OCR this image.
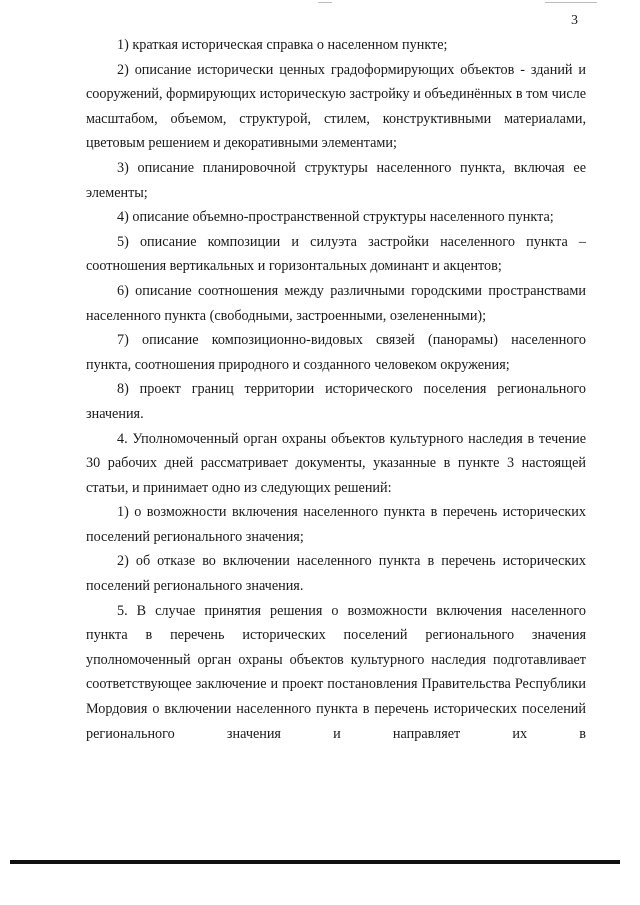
3

1) краткая историческая справка о населенном пункте;

2) описание исторически ценных градоформирующих объектов - зданий и сооружений, формирующих историческую застройку и объединённых в том числе масштабом, объемом, структурой, стилем, конструктивными материалами, цветовым решением и декоративными элементами;

3) описание планировочной структуры населенного пункта, включая ее элементы;

4) описание объемно-пространственной структуры населенного пункта;

5) описание композиции и силуэта застройки населенного пункта – соотношения вертикальных и горизонтальных доминант и акцентов;

6) описание соотношения между различными городскими пространствами населенного пункта (свободными, застроенными, озелененными);

7) описание композиционно-видовых связей (панорамы) населенного пункта, соотношения природного и созданного человеком окружения;

8) проект границ территории исторического поселения регионального значения.

4. Уполномоченный орган охраны объектов культурного наследия в течение 30 рабочих дней рассматривает документы, указанные в пункте 3 настоящей статьи, и принимает одно из следующих решений:

1) о возможности включения населенного пункта в перечень исторических поселений регионального значения;

2) об отказе во включении населенного пункта в перечень исторических поселений регионального значения.

5. В случае принятия решения о возможности включения населенного пункта в перечень исторических поселений регионального значения уполномоченный орган охраны объектов культурного наследия подготавливает соответствующее заключение и проект постановления Правительства Республики Мордовия о включении населенного пункта в перечень исторических поселений регионального значения и направляет их в
